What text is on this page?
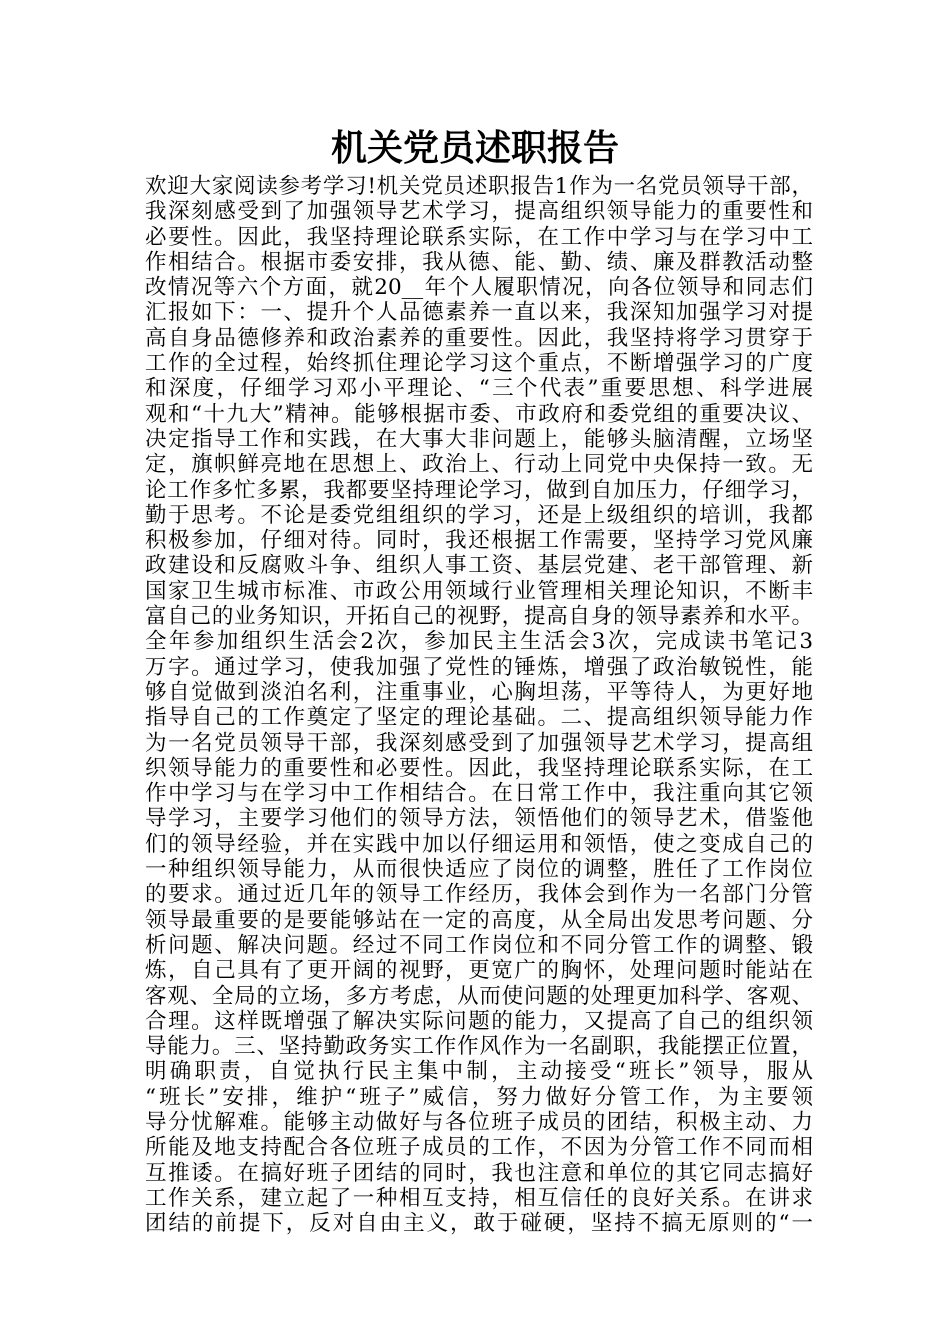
机关党员述职报告
欢迎大家阅读参考学习!机关党员述职报告1作为一名党员领导干部，
我深刻感受到了加强领导艺术学习，提高组织领导能力的重要性和
必要性。因此，我坚持理论联系实际，在工作中学习与在学习中工
作相结合。根据市委安排，我从德、能、勤、绩、廉及群教活动整
改情况等六个方面，就20__年个人履职情况，向各位领导和同志们
汇报如下：一、提升个人品德素养一直以来，我深知加强学习对提
高自身品德修养和政治素养的重要性。因此，我坚持将学习贯穿于
工作的全过程，始终抓住理论学习这个重点，不断增强学习的广度
和深度，仔细学习邓小平理论、“三个代表”重要思想、科学进展
观和“十九大”精神。能够根据市委、市政府和委党组的重要决议、
决定指导工作和实践，在大事大非问题上，能够头脑清醒，立场坚
定，旗帜鲜亮地在思想上、政治上、行动上同党中央保持一致。无
论工作多忙多累，我都要坚持理论学习，做到自加压力，仔细学习，
勤于思考。不论是委党组组织的学习，还是上级组织的培训，我都
积极参加，仔细对待。同时，我还根据工作需要，坚持学习党风廉
政建设和反腐败斗争、组织人事工资、基层党建、老干部管理、新
国家卫生城市标准、市政公用领域行业管理相关理论知识，不断丰
富自己的业务知识，开拓自己的视野，提高自身的领导素养和水平。
全年参加组织生活会2次，参加民主生活会3次，完成读书笔记3
万字。通过学习，使我加强了党性的锤炼，增强了政治敏锐性，能
够自觉做到淡泊名利，注重事业，心胸坦荡，平等待人，为更好地
指导自己的工作奠定了坚定的理论基础。二、提高组织领导能力作
为一名党员领导干部，我深刻感受到了加强领导艺术学习，提高组
织领导能力的重要性和必要性。因此，我坚持理论联系实际，在工
作中学习与在学习中工作相结合。在日常工作中，我注重向其它领
导学习，主要学习他们的领导方法，领悟他们的领导艺术，借鉴他
们的领导经验，并在实践中加以仔细运用和领悟，使之变成自己的
一种组织领导能力，从而很快适应了岗位的调整，胜任了工作岗位
的要求。通过近几年的领导工作经历，我体会到作为一名部门分管
领导最重要的是要能够站在一定的高度，从全局出发思考问题、分
析问题、解决问题。经过不同工作岗位和不同分管工作的调整、锻
炼，自己具有了更开阔的视野，更宽广的胸怀，处理问题时能站在
客观、全局的立场，多方考虑，从而使问题的处理更加科学、客观、
合理。这样既增强了解决实际问题的能力，又提高了自己的组织领
导能力。三、坚持勤政务实工作作风作为一名副职，我能摆正位置，
明确职责，自觉执行民主集中制，主动接受“班长”领导，服从
“班长”安排，维护“班子”威信，努力做好分管工作，为主要领
导分忧解难。能够主动做好与各位班子成员的团结，积极主动、力
所能及地支持配合各位班子成员的工作，不因为分管工作不同而相
互推诿。在搞好班子团结的同时，我也注意和单位的其它同志搞好
工作关系，建立起了一种相互支持，相互信任的良好关系。在讲求
团结的前提下，反对自由主义，敢于碰硬，坚持不搞无原则的“一
